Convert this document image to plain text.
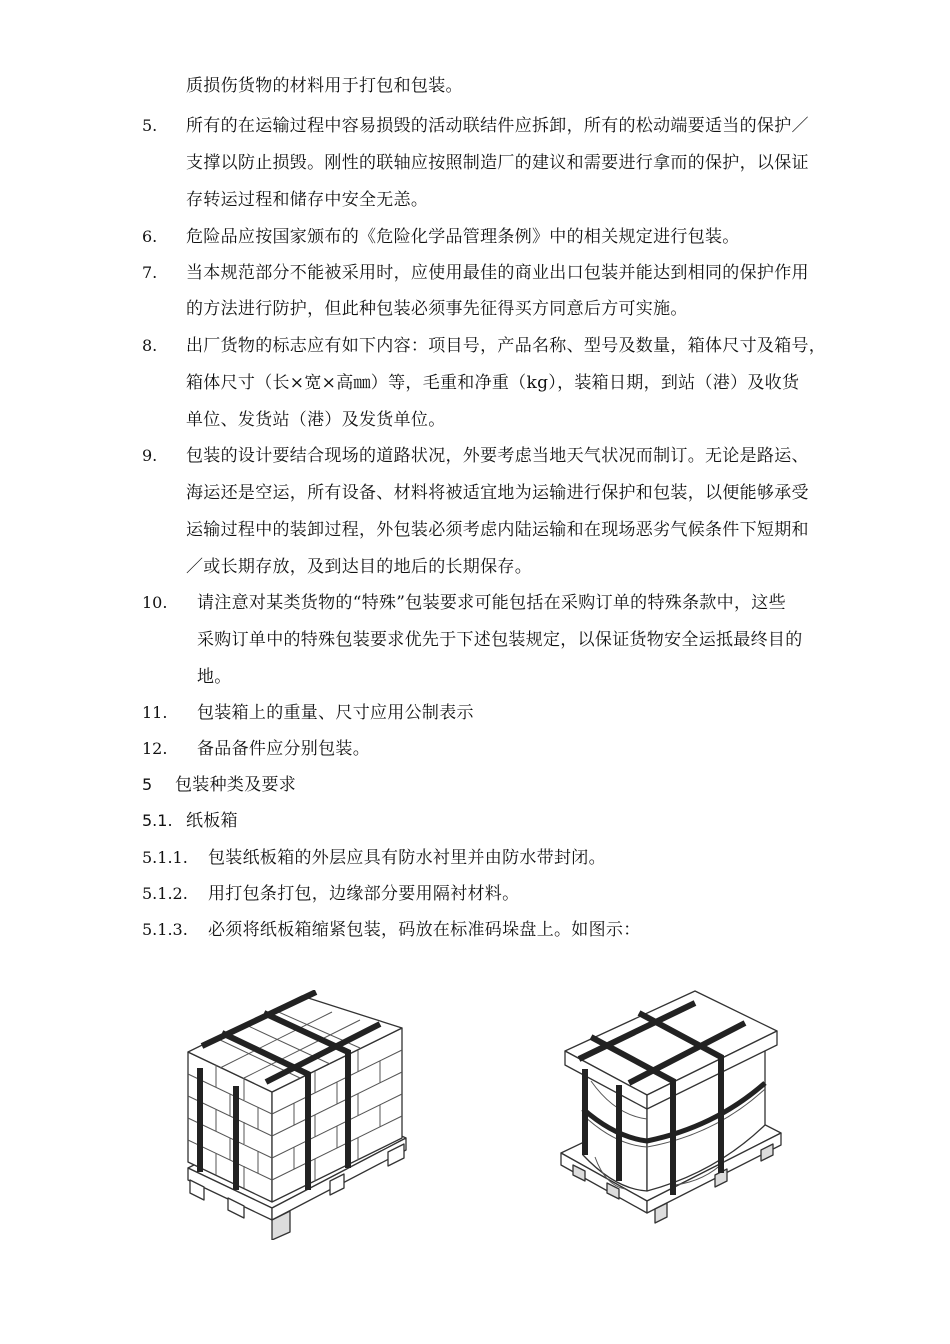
质损伤货物的材料用于打包和包装。
5. 所有的在运输过程中容易损毁的活动联结件应拆卸，所有的松动端要适当的保护／
支撑以防止损毁。刚性的联轴应按照制造厂的建议和需要进行拿而的保护，以保证
存转运过程和储存中安全无恙。
6. 危险品应按国家颁布的《危险化学品管理条例》中的相关规定进行包装。
7. 当本规范部分不能被采用时，应使用最佳的商业出口包装并能达到相同的保护作用
的方法进行防护，但此种包装必须事先征得买方同意后方可实施。
8. 出厂货物的标志应有如下内容：项目号，产品名称、型号及数量，箱体尺寸及箱号，
箱体尺寸（长×宽×高㎜）等，毛重和净重（kg），装箱日期，到站（港）及收货
单位、发货站（港）及发货单位。
9. 包装的设计要结合现场的道路状况，外要考虑当地天气状况而制订。无论是路运、
海运还是空运，所有设备、材料将被适宜地为运输进行保护和包装，以便能够承受
运输过程中的装卸过程，外包装必须考虑内陆运输和在现场恶劣气候条件下短期和
／或长期存放，及到达目的地后的长期保存。
10. 请注意对某类货物的“特殊”包装要求可能包括在采购订单的特殊条款中，这些
采购订单中的特殊包装要求优先于下述包装规定，以保证货物安全运抵最终目的
地。
11. 包装箱上的重量、尺寸应用公制表示
12. 备品备件应分别包装。
5 包装种类及要求
5.1. 纸板箱
5.1.1. 包装纸板箱的外层应具有防水衬里并由防水带封闭。
5.1.2. 用打包条打包，边缘部分要用隔衬材料。
5.1.3. 必须将纸板箱缩紧包装，码放在标准码垛盘上。如图示：
